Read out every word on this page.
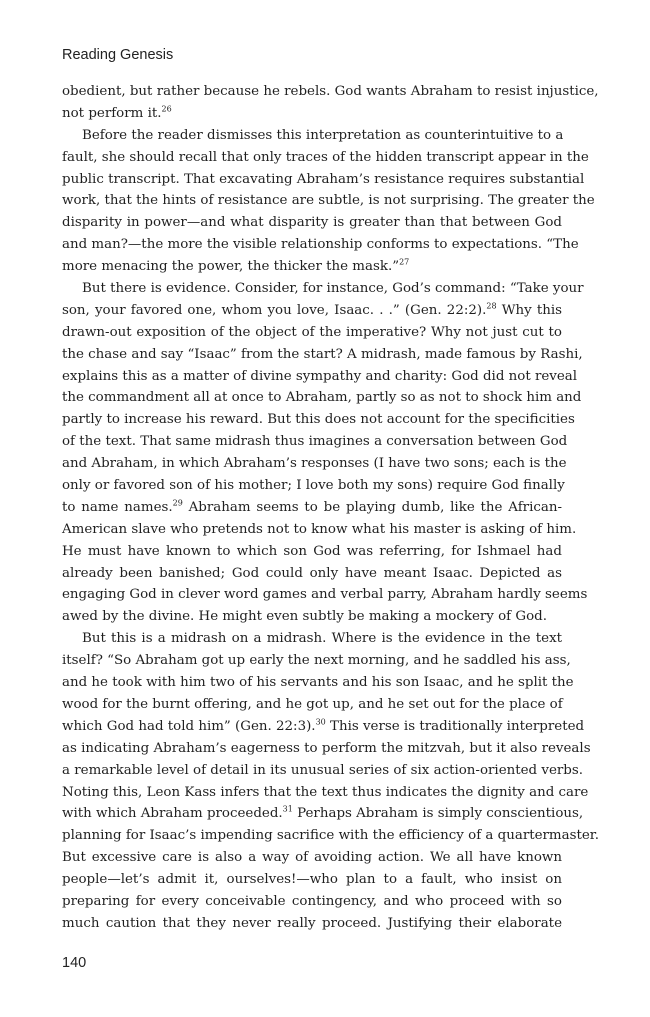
Reading Genesis
obedient, but rather because he rebels. God wants Abraham to resist injustice,
not perform it.$^{26}$
Before the reader dismisses this interpretation as counterintuitive to a
fault, she should recall that only traces of the hidden transcript appear in the
public transcript. That excavating Abraham’s resistance requires substantial
work, that the hints of resistance are subtle, is not surprising. The greater the
disparity in power—and what disparity is greater than that between God
and man?—the more the visible relationship conforms to expectations. “The
more menacing the power, the thicker the mask.”$^{27}$
But there is evidence. Consider, for instance, God’s command: “Take your
son, your favored one, whom you love, Isaac. . .” (Gen. 22:2).$^{28}$ Why this
drawn-out exposition of the object of the imperative? Why not just cut to
the chase and say “Isaac” from the start? A midrash, made famous by Rashi,
explains this as a matter of divine sympathy and charity: God did not reveal
the commandment all at once to Abraham, partly so as not to shock him and
partly to increase his reward. But this does not account for the specificities
of the text. That same midrash thus imagines a conversation between God
and Abraham, in which Abraham’s responses (I have two sons; each is the
only or favored son of his mother; I love both my sons) require God finally
to name names.$^{29}$ Abraham seems to be playing dumb, like the African-
American slave who pretends not to know what his master is asking of him.
He must have known to which son God was referring, for Ishmael had
already been banished; God could only have meant Isaac. Depicted as
engaging God in clever word games and verbal parry, Abraham hardly seems
awed by the divine. He might even subtly be making a mockery of God.
But this is a midrash on a midrash. Where is the evidence in the text
itself? “So Abraham got up early the next morning, and he saddled his ass,
and he took with him two of his servants and his son Isaac, and he split the
wood for the burnt offering, and he got up, and he set out for the place of
which God had told him” (Gen. 22:3).$^{30}$ This verse is traditionally interpreted
as indicating Abraham’s eagerness to perform the mitzvah, but it also reveals
a remarkable level of detail in its unusual series of six action-oriented verbs.
Noting this, Leon Kass infers that the text thus indicates the dignity and care
with which Abraham proceeded.$^{31}$ Perhaps Abraham is simply conscientious,
planning for Isaac’s impending sacrifice with the efficiency of a quartermaster.
But excessive care is also a way of avoiding action. We all have known
people—let’s admit it, ourselves!—who plan to a fault, who insist on
preparing for every conceivable contingency, and who proceed with so
much caution that they never really proceed. Justifying their elaborate
140
